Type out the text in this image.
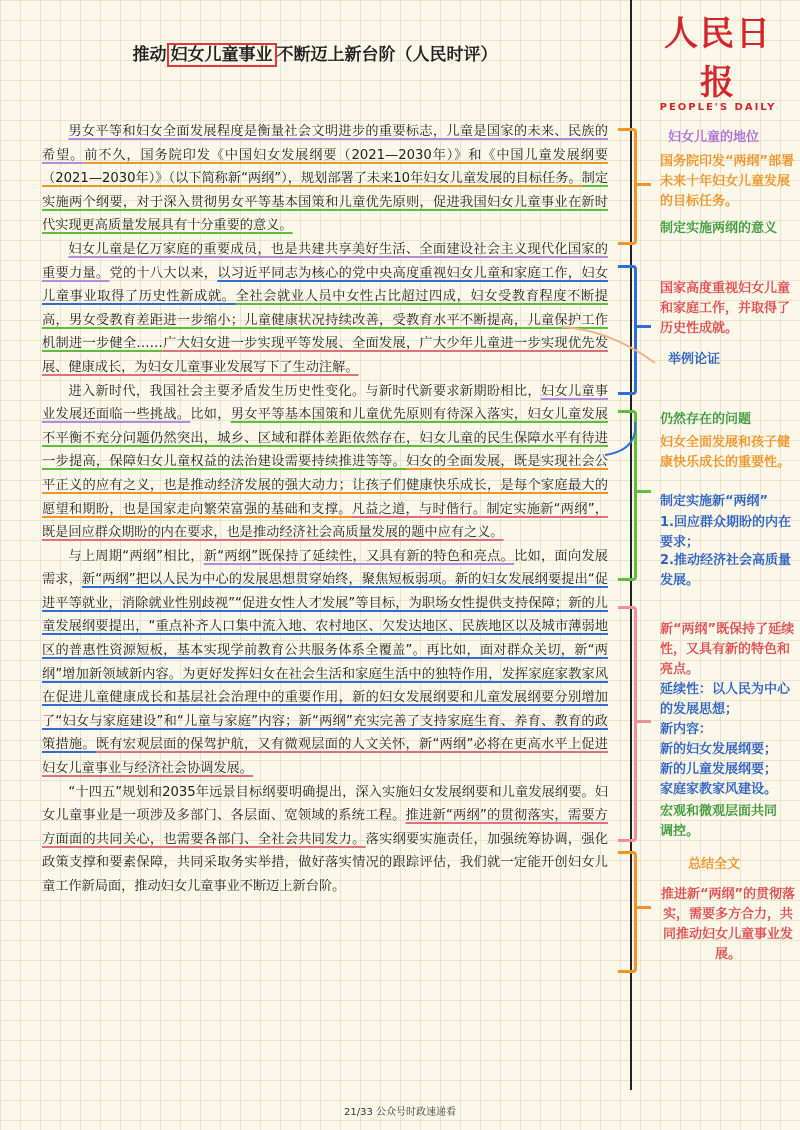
推动 妇女儿童事业 不断迈上新台阶（人民时评）
人民日报
PEOPLE'S DAILY

男女平等和妇女全面发展程度是衡量社会文明进步的重要标志，儿童是国家的未来、民族的希望。前不久，国务院印发《中国妇女发展纲要（2021—2030年）》和《中国儿童发展纲要（2021—2030年）》（以下简称新“两纲”），规划部署了未来10年妇女儿童发展的目标任务。制定实施两个纲要，对于深入贯彻男女平等基本国策和儿童优先原则，促进我国妇女儿童事业在新时代实现更高质量发展具有十分重要的意义。

妇女儿童是亿万家庭的重要成员，也是共建共享美好生活、全面建设社会主义现代化国家的重要力量。党的十八大以来，以习近平同志为核心的党中央高度重视妇女儿童和家庭工作，妇女儿童事业取得了历史性新成就。全社会就业人员中女性占比超过四成，妇女受教育程度不断提高，男女受教育差距进一步缩小；儿童健康状况持续改善，受教育水平不断提高，儿童保护工作机制进一步健全……广大妇女进一步实现平等发展、全面发展，广大少年儿童进一步实现优先发展、健康成长，为妇女儿童事业发展写下了生动注解。

进入新时代，我国社会主要矛盾发生历史性变化。与新时代新要求新期盼相比，妇女儿童事业发展还面临一些挑战。比如，男女平等基本国策和儿童优先原则有待深入落实，妇女儿童发展不平衡不充分问题仍然突出，城乡、区域和群体差距依然存在，妇女儿童的民生保障水平有待进一步提高，保障妇女儿童权益的法治建设需要持续推进等等。妇女的全面发展，既是实现社会公平正义的应有之义，也是推动经济发展的强大动力；让孩子们健康快乐成长，是每个家庭最大的愿望和期盼，也是国家走向繁荣富强的基础和支撑。凡益之道，与时偕行。制定实施新“两纲”，既是回应群众期盼的内在要求，也是推动经济社会高质量发展的题中应有之义。

与上周期“两纲”相比，新“两纲”既保持了延续性，又具有新的特色和亮点。比如，面向发展需求，新“两纲”把以人民为中心的发展思想贯穿始终，聚焦短板弱项。新的妇女发展纲要提出“促进平等就业，消除就业性别歧视”“促进女性人才发展”等目标，为职场女性提供支持保障；新的儿童发展纲要提出，“重点补齐人口集中流入地、农村地区、欠发达地区、民族地区以及城市薄弱地区的普惠性资源短板，基本实现学前教育公共服务体系全覆盖”。再比如，面对群众关切，新“两纲”增加新领域新内容。为更好发挥妇女在社会生活和家庭生活中的独特作用，发挥家庭家教家风在促进儿童健康成长和基层社会治理中的重要作用，新的妇女发展纲要和儿童发展纲要分别增加了“妇女与家庭建设”和“儿童与家庭”内容；新“两纲”充实完善了支持家庭生育、养育、教育的政策措施。既有宏观层面的保驾护航，又有微观层面的人文关怀，新“两纲”必将在更高水平上促进妇女儿童事业与经济社会协调发展。

“十四五”规划和2035年远景目标纲要明确提出，深入实施妇女发展纲要和儿童发展纲要。妇女儿童事业是一项涉及多部门、各层面、宽领域的系统工程。推进新“两纲”的贯彻落实，需要方方面面的共同关心，也需要各部门、全社会共同发力。落实纲要实施责任，加强统筹协调，强化政策支撑和要素保障，共同采取务实举措，做好落实情况的跟踪评估，我们就一定能开创妇女儿童工作新局面，推动妇女儿童事业不断迈上新台阶。

妇女儿童的地位
国务院印发“两纲”部署未来十年妇女儿童发展的目标任务。
制定实施两纲的意义
国家高度重视妇女儿童和家庭工作，并取得了历史性成就。
举例论证
仍然存在的问题
妇女全面发展和孩子健康快乐成长的重要性。
制定实施新“两纲”
1.回应群众期盼的内在要求；
2.推动经济社会高质量发展。
新“两纲”既保持了延续性，又具有新的特色和亮点。
延续性：以人民为中心的发展思想；
新内容：
新的妇女发展纲要；
新的儿童发展纲要；
家庭家教家风建设。
宏观和微观层面共同调控。
总结全文
推进新“两纲”的贯彻落实，需要多方合力，共同推动妇女儿童事业发展。
21/33 公众号时政速递看
